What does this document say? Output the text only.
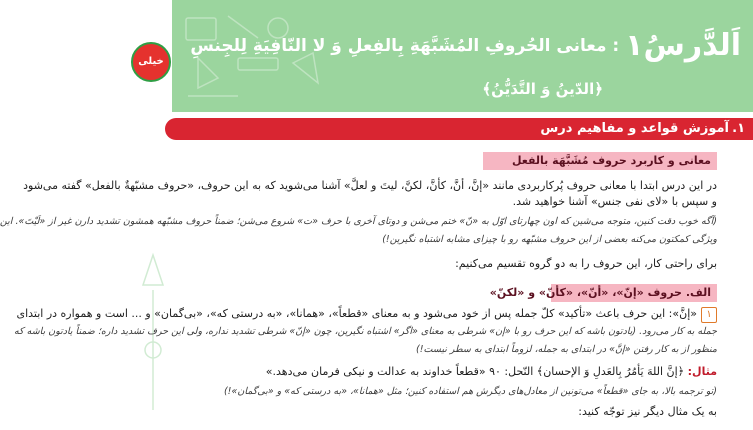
اَلدَّرسُ۱ : معانی الحُروفِ المُشَبَّهَةِ بِالفِعلِ وَ لا النّافِیَةِ لِلجِنسِ
﴿الدّینُ وَ التَّدَیُّنُ﴾
خیلی سبز
۱.
آموزش قواعد و مفاهیم درس
معانی و کاربرد حروف مُشَبَّهَة بالفعل
در این درس ابتدا با معانی حروف پُرکاربردی مانند «إنَّ، أنَّ، کأنَّ، لکنَّ، لیتَ و لعلَّ» آشنا می‌شوید که به این حروف، «حروف مشبّهةٌ بالفعل» گفته می‌شود
و سپس با «لای نفی جنس» آشنا خواهید شد.
(آگه خوب دقت کنین، متوجه می‌شین که اون چهارتای اوّل به «نّ» ختم می‌شن و دوتای آخری با حرف «ت» شروع می‌شن؛ ضمناً حروف مشبّهه همشون تشدید دارن غیر از «لَیْتَ». این
ویژگی کمکتون می‌کنه بعضی از این حروف مشبّهه رو با چیزای مشابه اشتباه نگیرین!)
برای راحتی کار، این حروف را به دو گروه تقسیم می‌کنیم:
الف. حروف «إنّ»، «أنّ»، «کأنّ» و «لکنّ»
۱«إنَّ»: این حرف باعث «تأکید» کلّ جمله پس از خود می‌شود و به معنای «قطعاً»، «همانا»، «به درستی که»، «بی‌گمان» و ... است و همواره در ابتدای
جمله به کار می‌رود. (یادتون باشه که این حرف رو با «إن» شرطی به معنای «اگر» اشتباه نگیرین، چون «إنّ» شرطی تشدید نداره، ولی این حرف تشدید داره؛ ضمناً یادتون باشه که
منظور از به کار رفتن «إنَّ» در ابتدای به جمله، لزوماً ابتدای به سطر نیست!)
مثال: ﴿إنَّ اللهَ یَأمُرُ بِالعَدلِ وَ الإحسان﴾ النّحل: ۹۰ «قطعاً خداوند به عدالت و نیکی فرمان می‌دهد.»
(تو ترجمه بالا، به جای «قطعاً» می‌تونین از معادل‌های دیگرش هم استفاده کنین؛ مثل «همانا»، «به درستی که» و «بی‌گمان»!)
به یک مثال دیگر نیز توجّه کنید:
